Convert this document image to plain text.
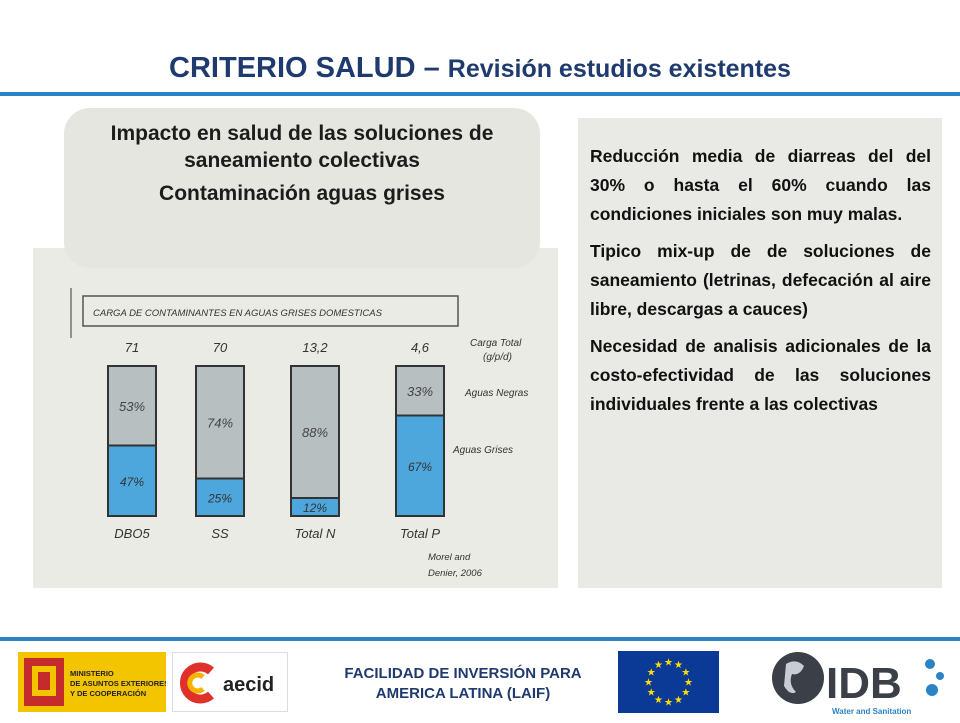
CRITERIO SALUD – Revisión estudios existentes
CARGA DE CONTAMINANTES EN AGUAS GRISES DOMESTICAS
Carga Total
(g/p/d)
Aguas Negras
Aguas Grises
Morel and
Denier, 2006
71
53%
47%
DBO5
70
74%
25%
SS
13,2
88%
12%
Total N
4,6
33%
67%
Total P
Impacto en salud de las soluciones de saneamiento colectivas
Contaminación aguas grises

Reducción media de diarreas del del 30% o hasta el 60% cuando las condiciones iniciales son muy malas.

Tipico mix-up de de soluciones de saneamiento (letrinas, defecación al aire libre, descargas a cauces)

Necesidad de analisis adicionales de la costo-efectividad de las soluciones individuales frente a las colectivas

MINISTERIO
DE ASUNTOS EXTERIORES
Y DE COOPERACIÓN	aecid
FACILIDAD DE INVERSIÓN PARA
AMERICA LATINA (LAIF)
★
★
★
★
★
★
★
★
★ ★ ★
★	IDB
Water and Sanitation
